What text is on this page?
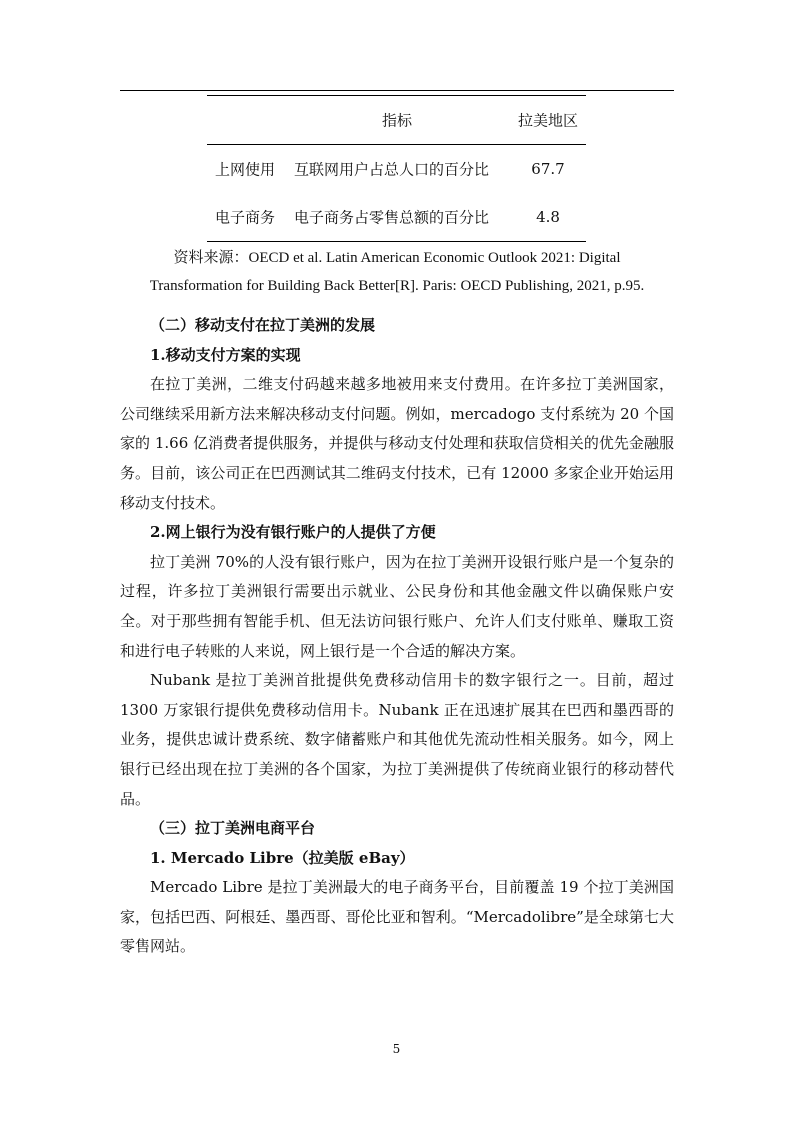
指标	拉美地区
上网使用 互联网用户占总人口的百分比	67.7
电子商务 电子商务占零售总额的百分比	4.8
资料来源：OECD et al. Latin American Economic Outlook 2021: Digital
Transformation for Building Back Better[R]. Paris: OECD Publishing, 2021, p.95.
（二）移动支付在拉丁美洲的发展
1.移动支付方案的实现

在拉丁美洲，二维支付码越来越多地被用来支付费用。在许多拉丁美洲国家，公司继续采用新方法来解决移动支付问题。例如，mercadogo 支付系统为 20 个国家的 1.66 亿消费者提供服务，并提供与移动支付处理和获取信贷相关的优先金融服务。目前，该公司正在巴西测试其二维码支付技术，已有 12000 多家企业开始运用移动支付技术。

2.网上银行为没有银行账户的人提供了方便

拉丁美洲 70%的人没有银行账户，因为在拉丁美洲开设银行账户是一个复杂的过程，许多拉丁美洲银行需要出示就业、公民身份和其他金融文件以确保账户安全。对于那些拥有智能手机、但无法访问银行账户、允许人们支付账单、赚取工资和进行电子转账的人来说，网上银行是一个合适的解决方案。

Nubank 是拉丁美洲首批提供免费移动信用卡的数字银行之一。目前，超过 1300 万家银行提供免费移动信用卡。Nubank 正在迅速扩展其在巴西和墨西哥的业务，提供忠诚计费系统、数字储蓄账户和其他优先流动性相关服务。如今，网上银行已经出现在拉丁美洲的各个国家，为拉丁美洲提供了传统商业银行的移动替代品。

（三）拉丁美洲电商平台
1. Mercado Libre（拉美版 eBay）

Mercado Libre 是拉丁美洲最大的电子商务平台，目前覆盖 19 个拉丁美洲国家，包括巴西、阿根廷、墨西哥、哥伦比亚和智利。“Mercadolibre”是全球第七大零售网站。

5
